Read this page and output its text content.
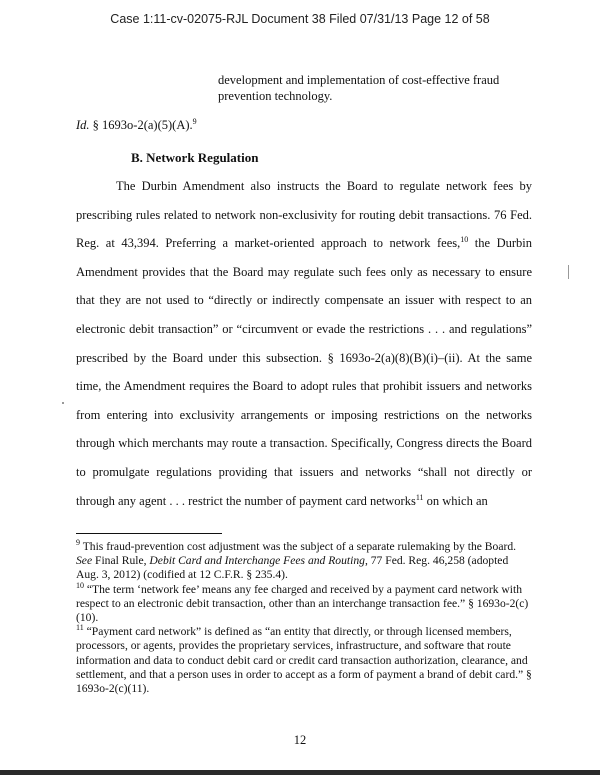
Case 1:11-cv-02075-RJL Document 38 Filed 07/31/13 Page 12 of 58
development and implementation of cost-effective fraud prevention technology.
Id. § 1693o-2(a)(5)(A).$^9$
B. Network Regulation

The Durbin Amendment also instructs the Board to regulate network fees by prescribing rules related to network non-exclusivity for routing debit transactions. 76 Fed. Reg. at 43,394. Preferring a market-oriented approach to network fees,$^{10}$ the Durbin Amendment provides that the Board may regulate such fees only as necessary to ensure that they are not used to “directly or indirectly compensate an issuer with respect to an electronic debit transaction” or “circumvent or evade the restrictions . . . and regulations” prescribed by the Board under this subsection. § 1693o-2(a)(8)(B)(i)–(ii). At the same time, the Amendment requires the Board to adopt rules that prohibit issuers and networks from entering into exclusivity arrangements or imposing restrictions on the networks through which merchants may route a transaction. Specifically, Congress directs the Board to promulgate regulations providing that issuers and networks “shall not directly or through any agent . . . restrict the number of payment card networks$^{11}$ on which an

$^9$ This fraud-prevention cost adjustment was the subject of a separate rulemaking by the Board. See Final Rule, Debit Card and Interchange Fees and Routing, 77 Fed. Reg. 46,258 (adopted Aug. 3, 2012) (codified at 12 C.F.R. § 235.4).

$^{10}$ “The term ‘network fee’ means any fee charged and received by a payment card network with respect to an electronic debit transaction, other than an interchange transaction fee.” § 1693o-2(c)(10).

$^{11}$ “Payment card network” is defined as “an entity that directly, or through licensed members, processors, or agents, provides the proprietary services, infrastructure, and software that route information and data to conduct debit card or credit card transaction authorization, clearance, and settlement, and that a person uses in order to accept as a form of payment a brand of debit card.” § 1693o-2(c)(11).

12
